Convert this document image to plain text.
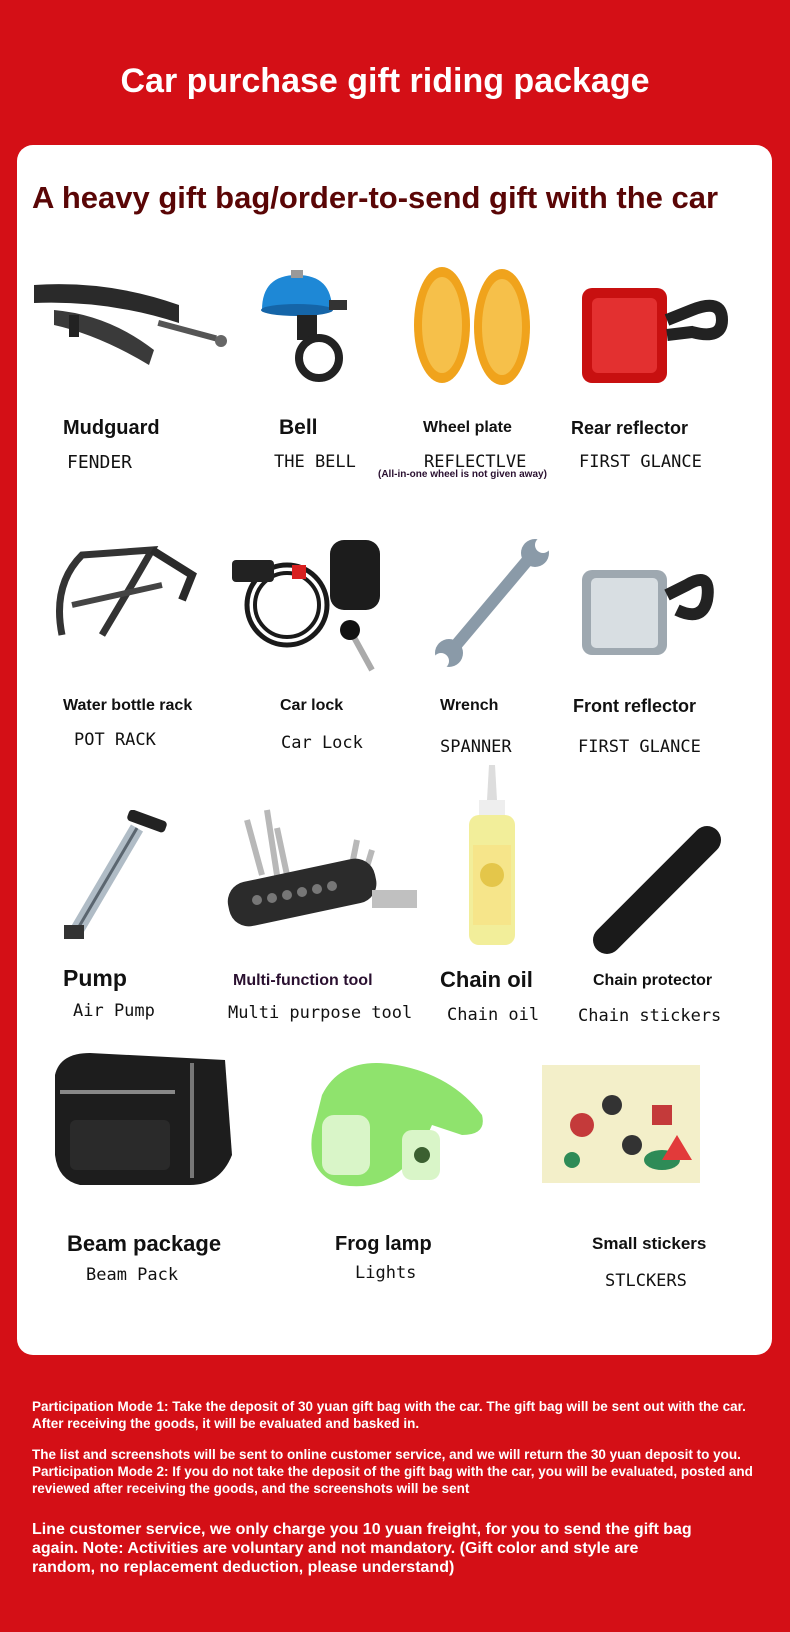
Car purchase gift riding package
A heavy gift bag/order-to-send gift with the car
Mudguard
FENDER
Bell
THE BELL
Wheel plate
REFLECTLVE
(All-in-one wheel is not given away)
Rear reflector
FIRST GLANCE
Water bottle rack
POT RACK
Car lock
Car Lock
Wrench
SPANNER
Front reflector
FIRST GLANCE
Pump
Air Pump
Multi-function tool
Multi purpose tool
Chain oil
Chain oil
Chain protector
Chain stickers
Beam package
Beam Pack
Frog lamp
Lights
Small stickers
STLCKERS
Participation Mode 1: Take the deposit of 30 yuan gift bag with the car. The gift bag will be sent out with the car. After receiving the goods, it will be evaluated and basked in.
The list and screenshots will be sent to online customer service, and we will return the 30 yuan deposit to you. Participation Mode 2: If you do not take the deposit of the gift bag with the car, you will be evaluated, posted and reviewed after receiving the goods, and the screenshots will be sent
Line customer service, we only charge you 10 yuan freight, for you to send the gift bag again. Note: Activities are voluntary and not mandatory. (Gift color and style are random, no replacement deduction, please understand)
